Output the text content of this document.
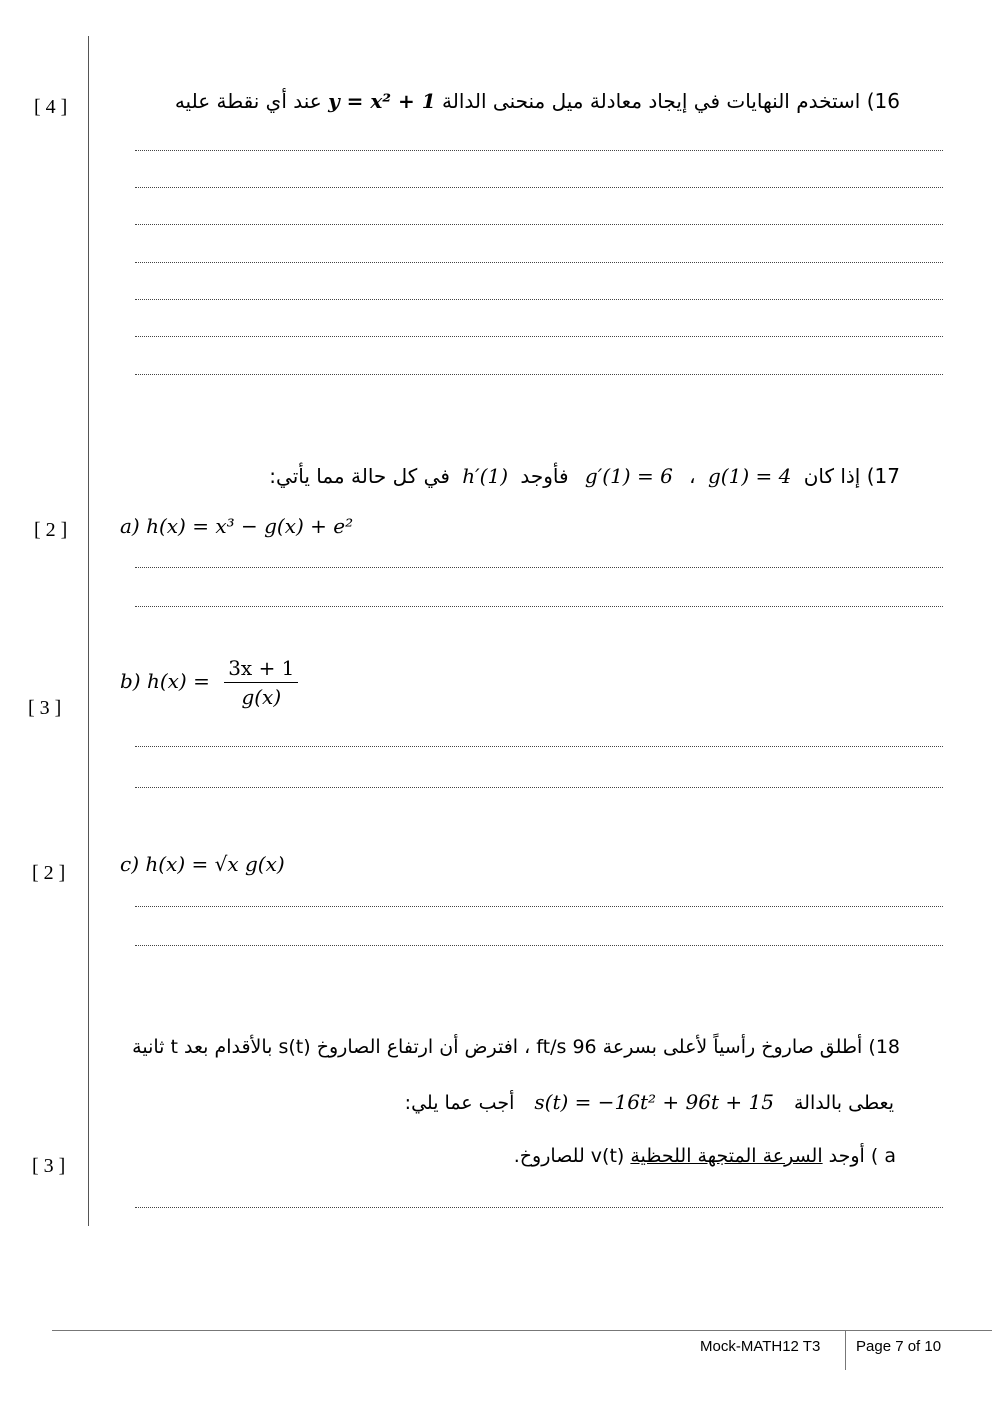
[ 4 ]	16) استخدم النهايات في إيجاد معادلة ميل منحنى الدالة y = x² + 1 عند أي نقطة عليه
17) إذا كان g(1) = 4 ، g′(1) = 6 فأوجد h′(1) في كل حالة مما يأتي:
[ 2 ]	a) h(x) = x³ − g(x) + e²
[ 3 ]
b) $h(x) = \frac{3x + 1}{g(x)}$
[ 2 ]	c) h(x) = √x g(x)
18) أطلق صاروخ رأسياً لأعلى بسرعة 96 ft/s ، افترض أن ارتفاع الصاروخ s(t) بالأقدام بعد t ثانية
يعطى بالدالة s(t) = −16t² + 96t + 15 أجب عما يلي:
[ 3 ]	a ) أوجد السرعة المتجهة اللحظية v(t) للصاروخ.
Mock-MATH12 T3 Page 7 of 10
